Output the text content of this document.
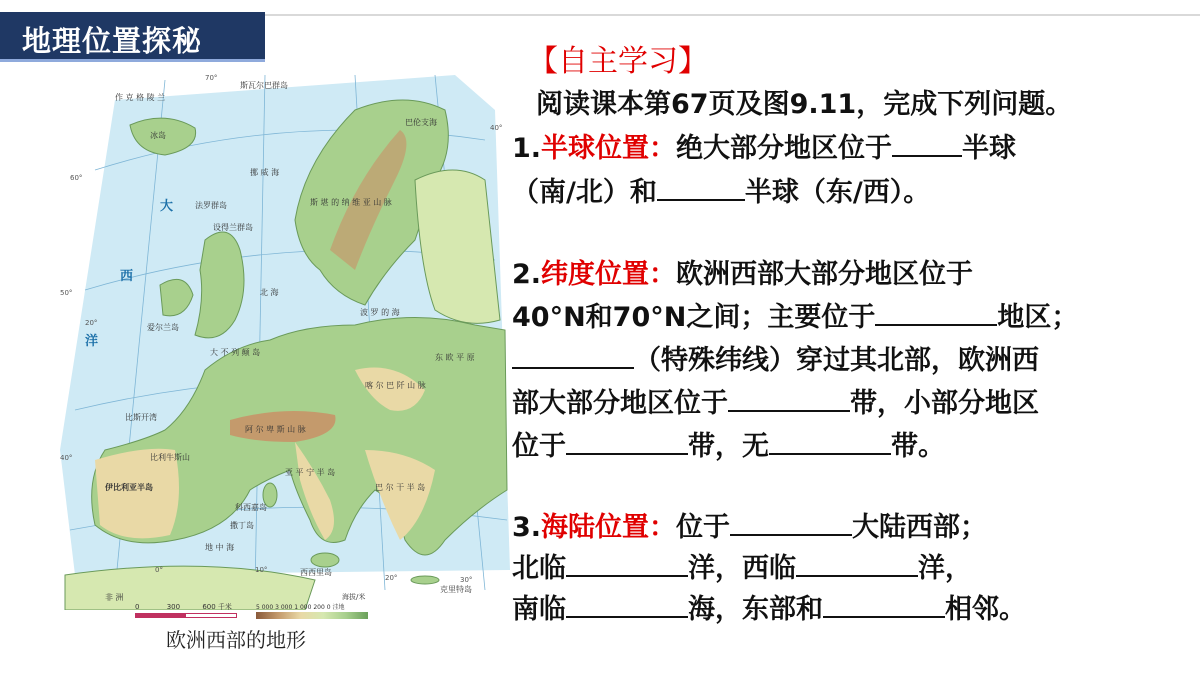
地理位置探秘
作 克 格 陵 兰
冰岛
巴伦支海
挪 威 海
法罗群岛
设得兰群岛
爱尔兰岛
大 不 列 颠 岛
北 海
波 罗 的 海
斯 堪 的 纳 维 亚 山 脉
比斯开湾
伊比利亚半岛
比利牛斯山
阿 尔 卑 斯 山 脉
亚 平 宁 半 岛
巴 尔 干 半 岛
喀 尔 巴 阡 山 脉
科西嘉岛
撒丁岛
西西里岛
克里特岛
地 中 海
非 洲
东 欧 平 原
斯瓦尔巴群岛
大
西
洋
70°
60°
50°
40°
20°
0°	10°
20°	30°
40°
0	300	600 千米
海拔/米
5 000 3 000 1 000 200 0 洼地
欧洲西部的地形
【自主学习】
阅读课本第67页及图9.11，完成下列问题。
1.半球位置：绝大部分地区位于	半球
（南/北）和	半球（东/西）。
2.纬度位置：欧洲西部大部分地区位于
40°N和70°N之间；主要位于	地区；
（特殊纬线）穿过其北部，欧洲西
部大部分地区位于	带，小部分地区
位于	带，无	带。
3.海陆位置：位于	大陆西部；
北临	洋，西临	洋，
南临	海，东部和	相邻。
